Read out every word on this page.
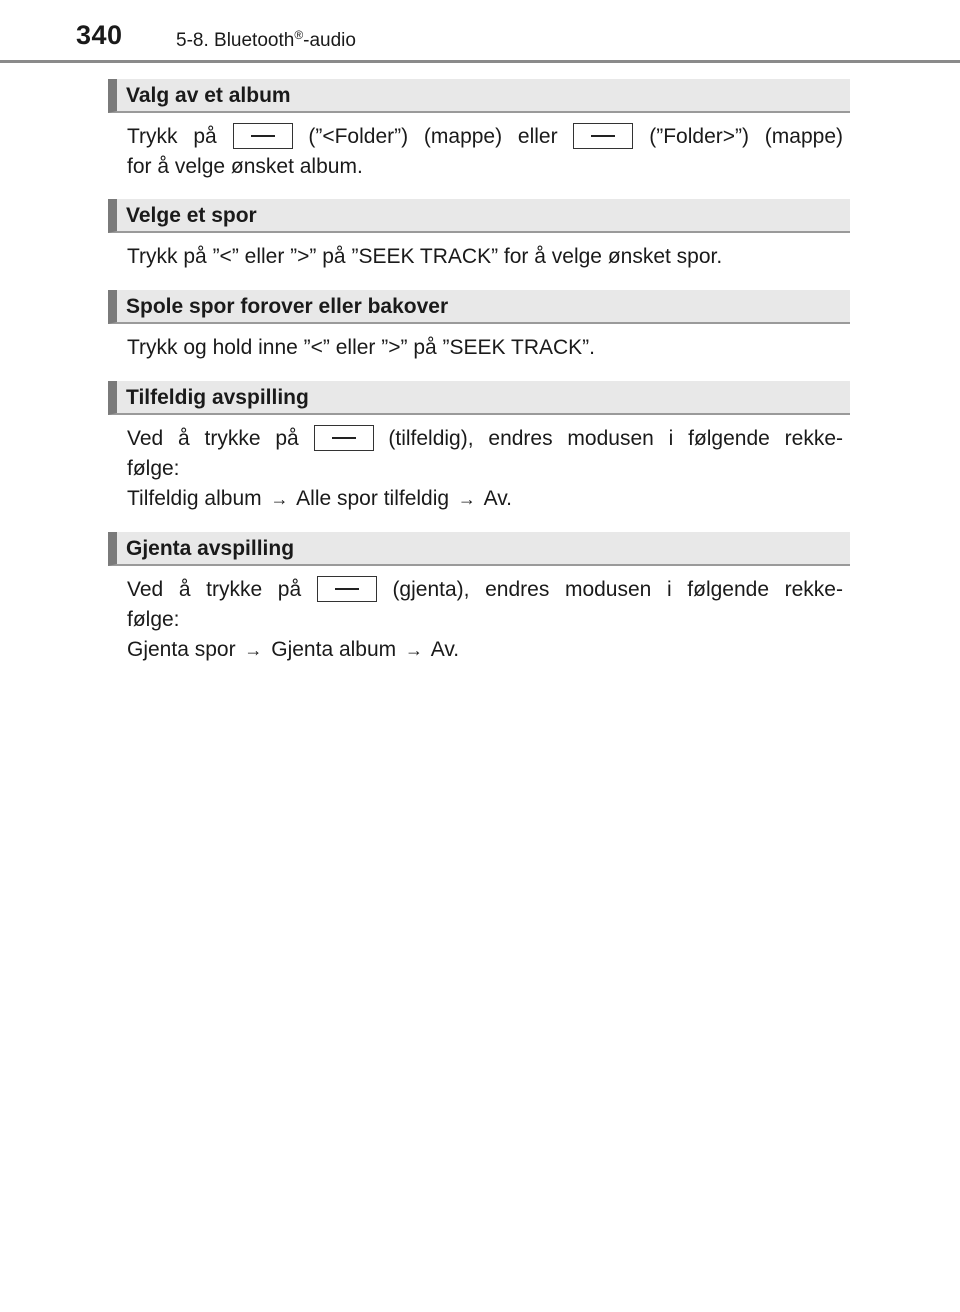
340	5-8. Bluetooth®-audio
Valg av et album
Trykk på	(”<Folder”) (mappe) eller	(”Folder>”) (mappe)
for å velge ønsket album.
Velge et spor
Trykk på ”<” eller ”>” på ”SEEK TRACK” for å velge ønsket spor.
Spole spor forover eller bakover
Trykk og hold inne ”<” eller ”>” på ”SEEK TRACK”.
Tilfeldig avspilling
Ved å trykke på	(tilfeldig), endres modusen i følgende rekke-
følge:
Tilfeldig album → Alle spor tilfeldig → Av.
Gjenta avspilling
Ved å trykke på	(gjenta), endres modusen i følgende rekke-
følge:
Gjenta spor → Gjenta album → Av.
